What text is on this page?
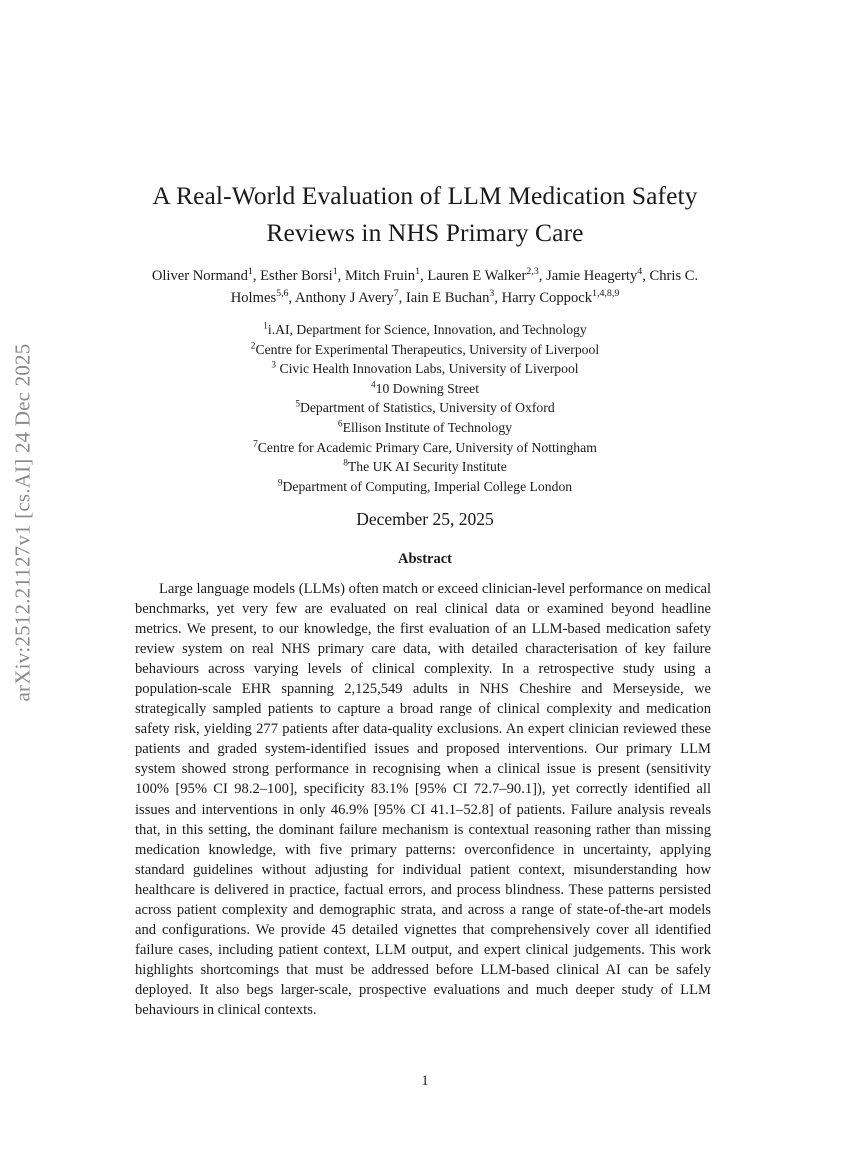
arXiv:2512.21127v1 [cs.AI] 24 Dec 2025
A Real-World Evaluation of LLM Medication Safety
Reviews in NHS Primary Care
Oliver Normand$^1$, Esther Borsi$^1$, Mitch Fruin$^1$, Lauren E Walker$^{2,3}$, Jamie Heagerty$^4$, Chris C.
Holmes$^{5,6}$, Anthony J Avery$^7$, Iain E Buchan$^3$, Harry Coppock$^{1,4,8,9}$
$^1$i.AI, Department for Science, Innovation, and Technology
$^2$Centre for Experimental Therapeutics, University of Liverpool
$^3$ Civic Health Innovation Labs, University of Liverpool
$^4$10 Downing Street
$^5$Department of Statistics, University of Oxford
$^6$Ellison Institute of Technology
$^7$Centre for Academic Primary Care, University of Nottingham
$^8$The UK AI Security Institute
$^9$Department of Computing, Imperial College London
December 25, 2025
Abstract
Large language models (LLMs) often match or exceed clinician-level performance on medical benchmarks, yet very few are evaluated on real clinical data or examined beyond headline metrics. We present, to our knowledge, the first evaluation of an LLM-based medication safety review system on real NHS primary care data, with detailed characterisation of key failure behaviours across varying levels of clinical complexity. In a retrospective study using a population-scale EHR spanning 2,125,549 adults in NHS Cheshire and Merseyside, we strategically sampled patients to capture a broad range of clinical complexity and medication safety risk, yielding 277 patients after data-quality exclusions. An expert clinician reviewed these patients and graded system-identified issues and proposed interventions. Our primary LLM system showed strong performance in recognising when a clinical issue is present (sensitivity 100% [95% CI 98.2–100], specificity 83.1% [95% CI 72.7–90.1]), yet correctly identified all issues and interventions in only 46.9% [95% CI 41.1–52.8] of patients. Failure analysis reveals that, in this setting, the dominant failure mechanism is contextual reasoning rather than missing medication knowledge, with five primary patterns: overconfidence in uncertainty, applying standard guidelines without adjusting for individual patient context, misunderstanding how healthcare is delivered in practice, factual errors, and process blindness. These patterns persisted across patient complexity and demographic strata, and across a range of state-of-the-art models and configurations. We provide 45 detailed vignettes that comprehensively cover all identified failure cases, including patient context, LLM output, and expert clinical judgements. This work highlights shortcomings that must be addressed before LLM-based clinical AI can be safely deployed. It also begs larger-scale, prospective evaluations and much deeper study of LLM behaviours in clinical contexts.
1
